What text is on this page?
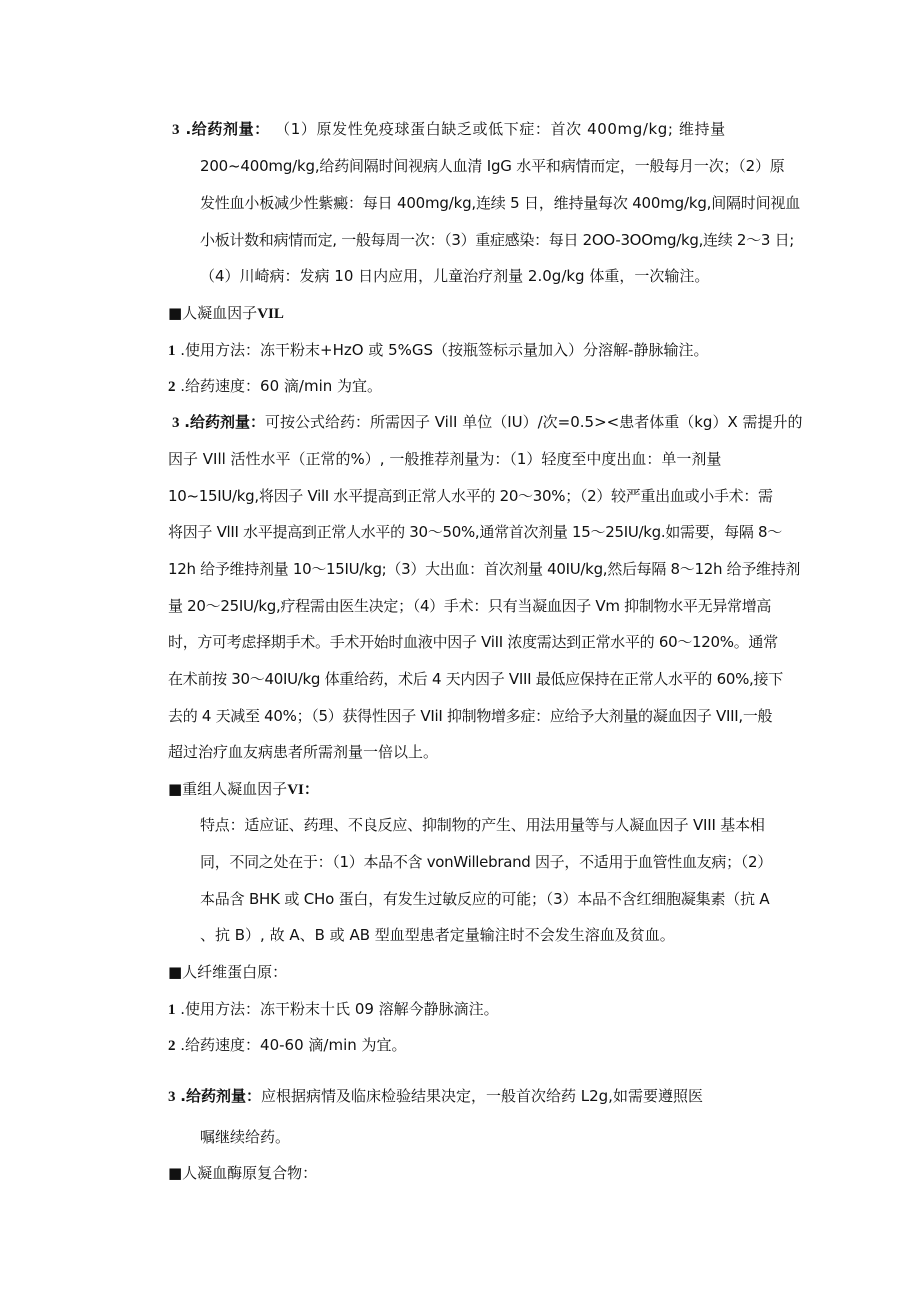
3 .给药剂量： （1）原发性免疫球蛋白缺乏或低下症：首次 400mg/kg; 维持量
200~400mg/kg,给药间隔时间视病人血清 IgG 水平和病情而定，一般每月一次；（2）原
发性血小板减少性紫癜：每日 400mg/kg,连续 5 日，维持量每次 400mg/kg,间隔时间视血
小板计数和病情而定, 一般每周一次：（3）重症感染：每日 2OO-3OOmg/kg,连续 2～3 日;
（4）川崎病：发病 10 日内应用，儿童治疗剂量 2.0g/kg 体重，一次输注。
■人凝血因子VIL
1 .使用方法：冻干粉末+HzO 或 5%GS（按瓶签标示量加入）分溶解-静脉输注。
2 .给药速度：60 滴/min 为宜。
3 .给药剂量：可按公式给药：所需因子 VilI 单位（IU）/次=0.5><患者体重（kg）X 需提升的
因子 VIll 活性水平（正常的%）, 一般推荐剂量为：（1）轻度至中度出血：单一剂量
10~15IU/kg,将因子 VilI 水平提高到正常人水平的 20～30%；（2）较严重出血或小手术：需
将因子 VlII 水平提高到正常人水平的 30～50%,通常首次剂量 15～25IU/kg.如需要，每隔 8～
12h 给予维持剂量 10～15IU/kg;（3）大出血：首次剂量 40IU/kg,然后每隔 8～12h 给予维持剂
量 20～25IU/kg,疗程需由医生决定；（4）手术：只有当凝血因子 Vm 抑制物水平无异常增高
时，方可考虑择期手术。手术开始时血液中因子 ViII 浓度需达到正常水平的 60～120%。通常
在术前按 30～40IU/kg 体重给药，术后 4 天内因子 VIII 最低应保持在正常人水平的 60%,接下
去的 4 天减至 40%；（5）获得性因子 VIiI 抑制物增多症：应给予大剂量的凝血因子 VIII,一般
超过治疗血友病患者所需剂量一倍以上。
■重组人凝血因子VI：
特点：适应证、药理、不良反应、抑制物的产生、用法用量等与人凝血因子 VIII 基本相
同，不同之处在于：（1）本品不含 vonWillebrand 因子，不适用于血管性血友病；（2）
本品含 BHK 或 CHo 蛋白，有发生过敏反应的可能；（3）本品不含红细胞凝集素（抗 A
、抗 B）, 故 A、B 或 AB 型血型患者定量输注时不会发生溶血及贫血。
■人纤维蛋白原：
1 .使用方法：冻干粉末十氏 09 溶解今静脉滴注。
2 .给药速度：40-60 滴/min 为宜。
3 .给药剂量：应根据病情及临床检验结果决定，一般首次给药 L2g,如需要遵照医
嘱继续给药。
■人凝血酶原复合物：
